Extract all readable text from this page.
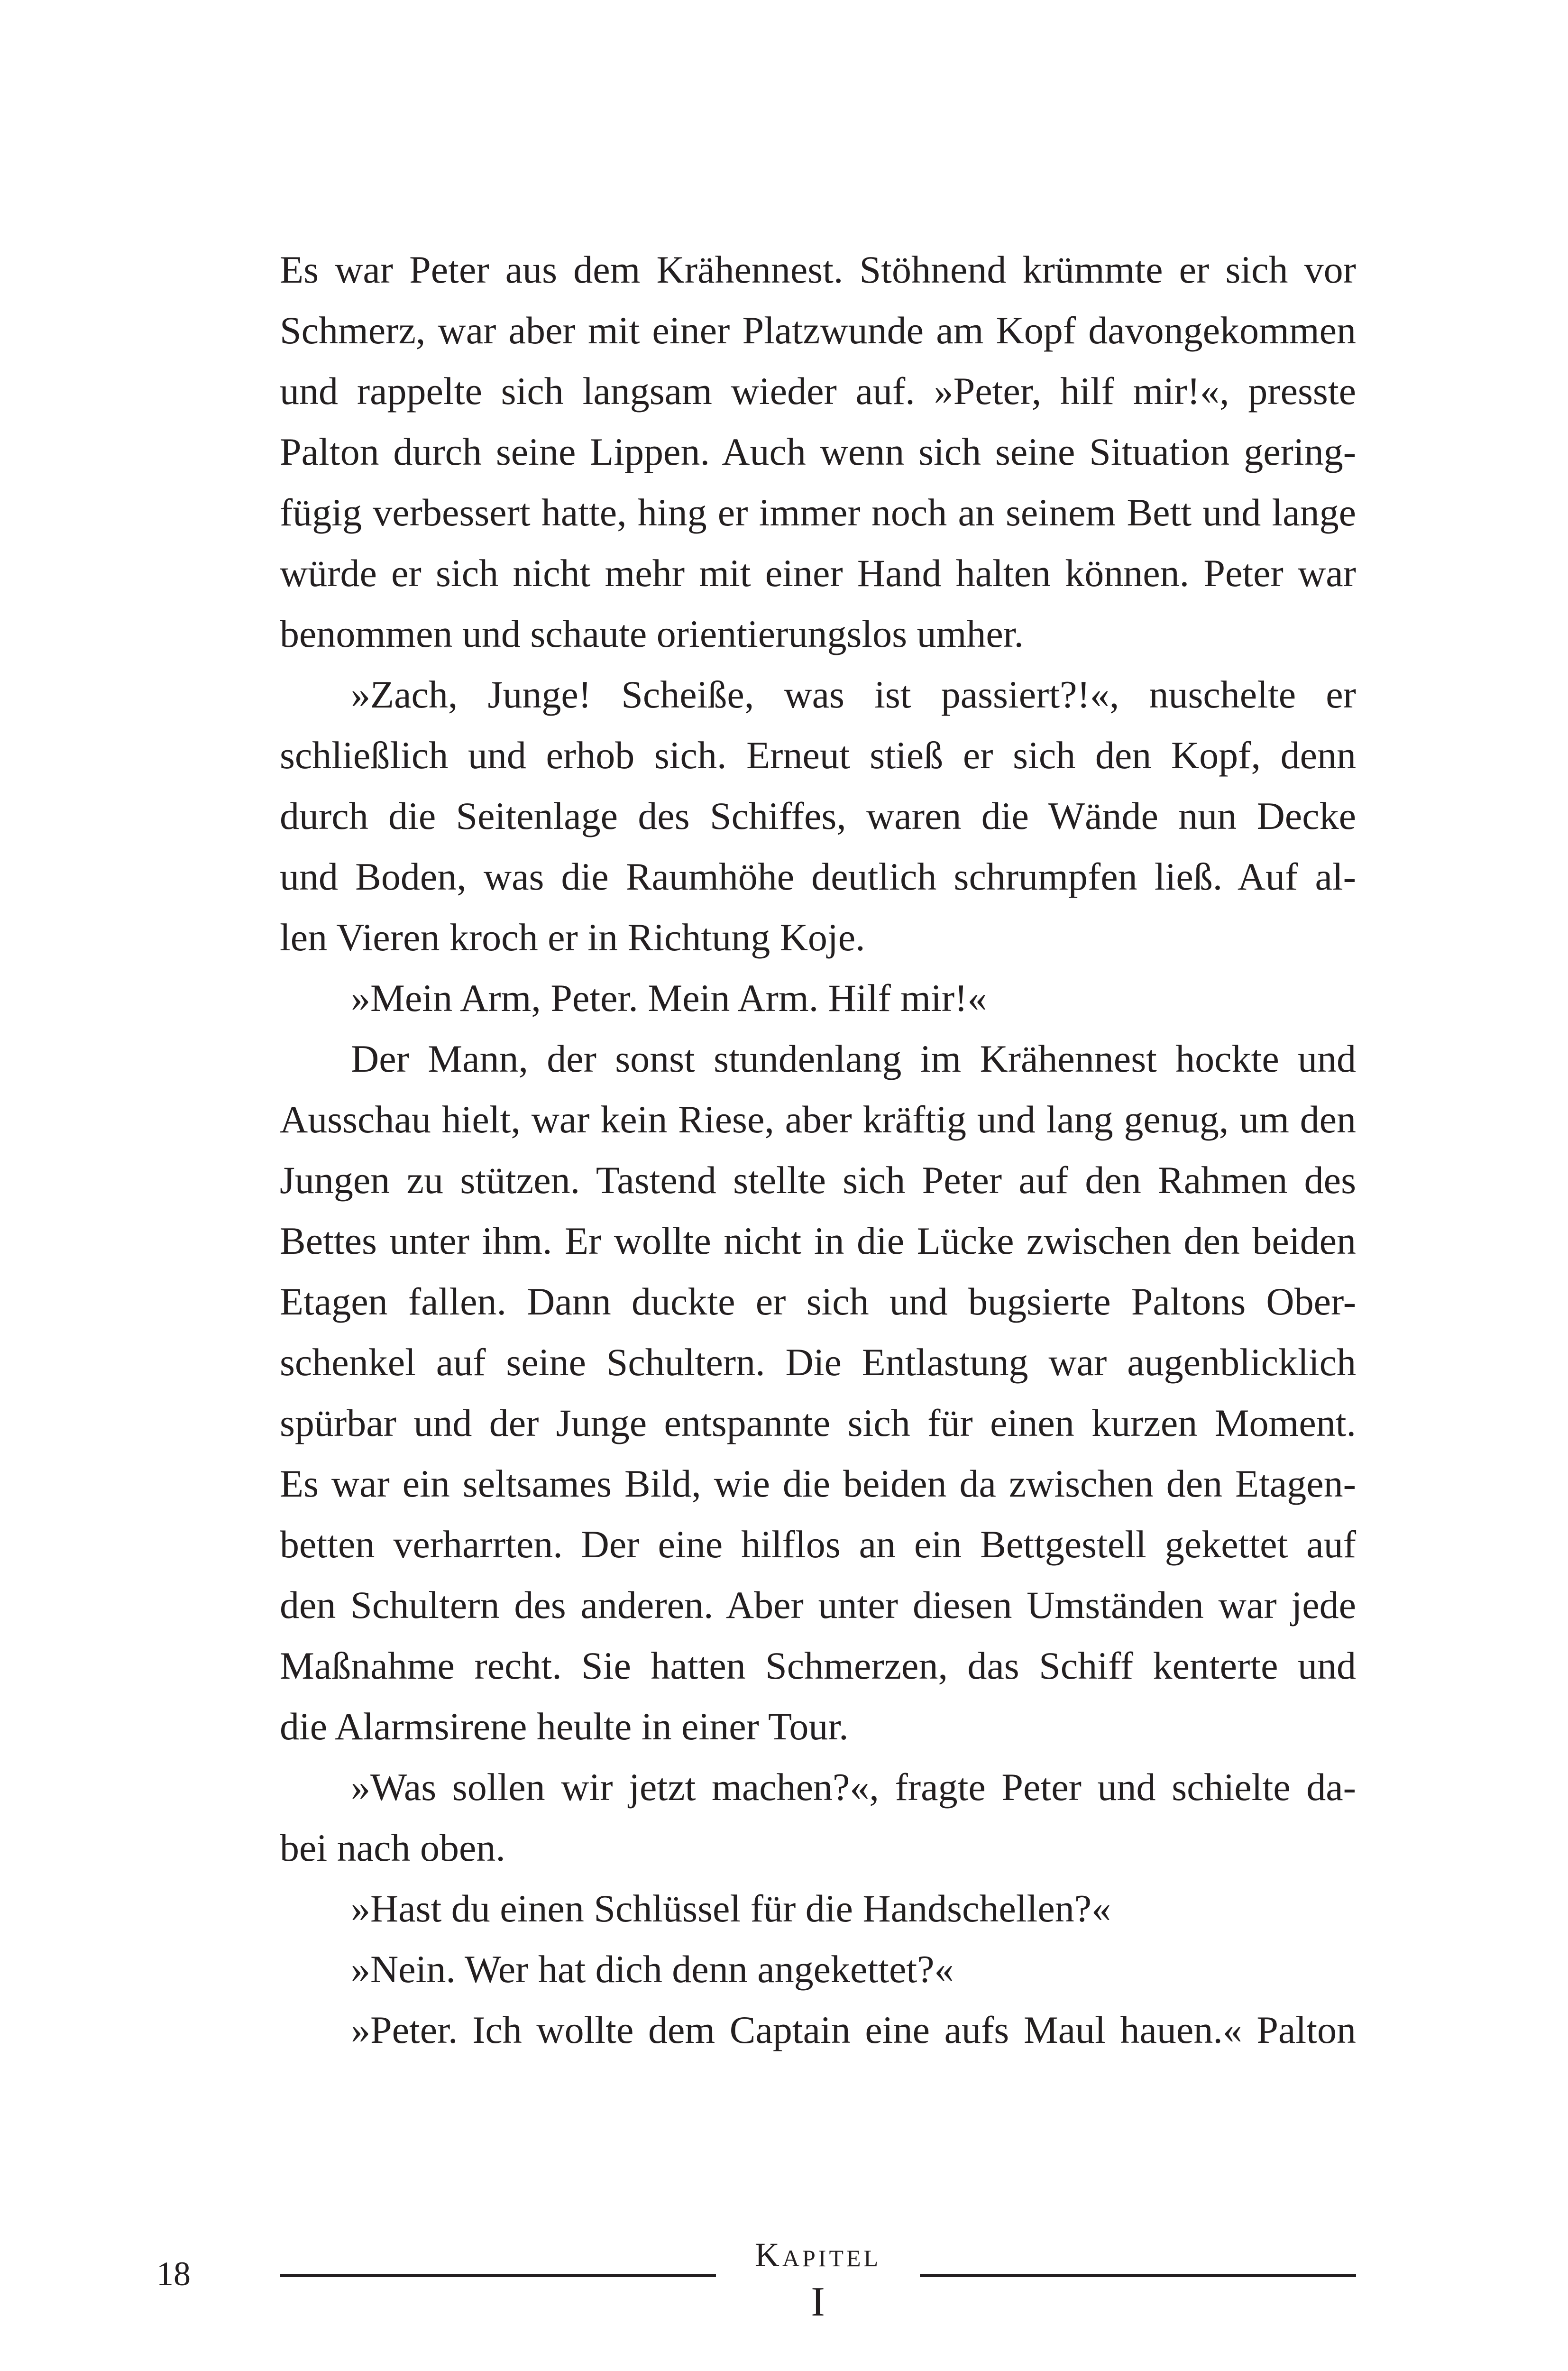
Es war Peter aus dem Krähennest. Stöhnend krümmte er sich vor
Schmerz, war aber mit einer Platzwunde am Kopf davongekommen
und rappelte sich langsam wieder auf. »Peter, hilf mir!«, presste
Palton durch seine Lippen. Auch wenn sich seine Situation gering-
fügig verbessert hatte, hing er immer noch an seinem Bett und lange
würde er sich nicht mehr mit einer Hand halten können. Peter war
benommen und schaute orientierungslos umher.
»Zach, Junge! Scheiße, was ist passiert?!«, nuschelte er
schließlich und erhob sich. Erneut stieß er sich den Kopf, denn
durch die Seitenlage des Schiffes, waren die Wände nun Decke
und Boden, was die Raumhöhe deutlich schrumpfen ließ. Auf al-
len Vieren kroch er in Richtung Koje.
»Mein Arm, Peter. Mein Arm. Hilf mir!«
Der Mann, der sonst stundenlang im Krähennest hockte und
Ausschau hielt, war kein Riese, aber kräftig und lang genug, um den
Jungen zu stützen. Tastend stellte sich Peter auf den Rahmen des
Bettes unter ihm. Er wollte nicht in die Lücke zwischen den beiden
Etagen fallen. Dann duckte er sich und bugsierte Paltons Ober-
schenkel auf seine Schultern. Die Entlastung war augenblicklich
spürbar und der Junge entspannte sich für einen kurzen Moment.
Es war ein seltsames Bild, wie die beiden da zwischen den Etagen-
betten verharrten. Der eine hilflos an ein Bettgestell gekettet auf
den Schultern des anderen. Aber unter diesen Umständen war jede
Maßnahme recht. Sie hatten Schmerzen, das Schiff kenterte und
die Alarmsirene heulte in einer Tour.
»Was sollen wir jetzt machen?«, fragte Peter und schielte da-
bei nach oben.
»Hast du einen Schlüssel für die Handschellen?«
»Nein. Wer hat dich denn angekettet?«
»Peter. Ich wollte dem Captain eine aufs Maul hauen.« Palton
18	Kapitel
I
